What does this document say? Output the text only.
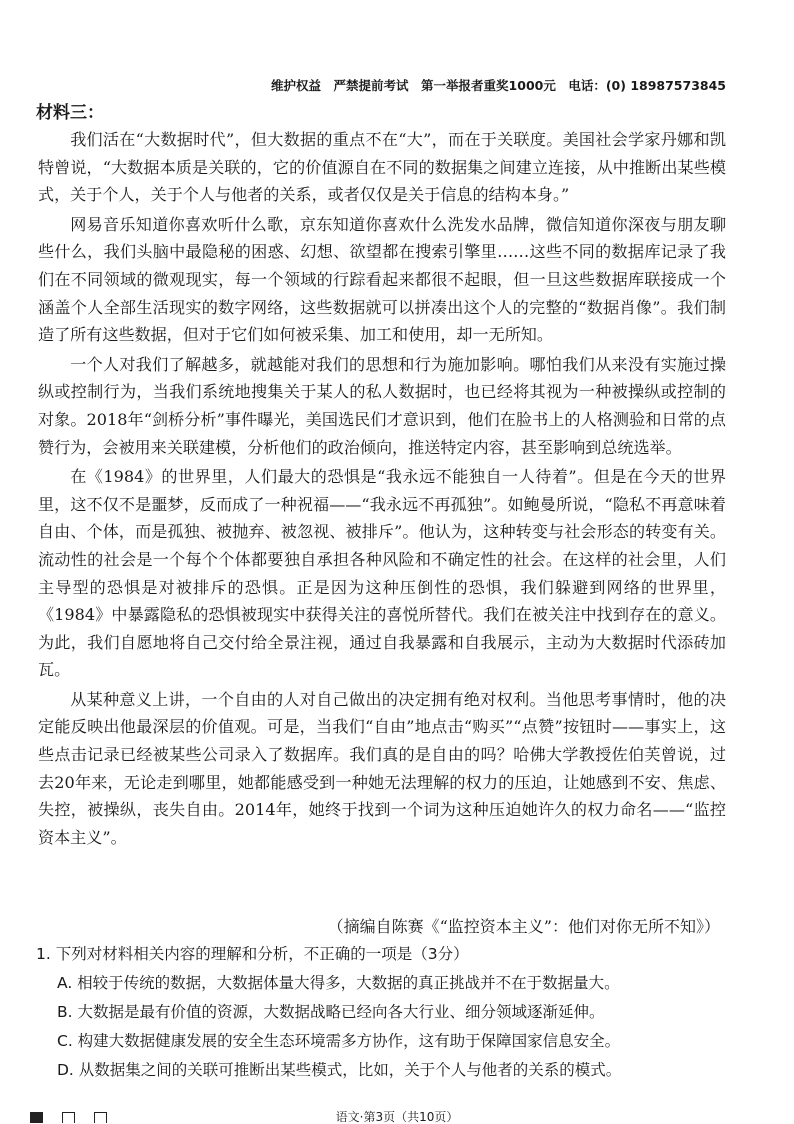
维护权益　严禁提前考试　第一举报者重奖1000元　电话：(0) 18987573845
材料三：

我们活在“大数据时代”，但大数据的重点不在“大”，而在于关联度。美国社会学家丹娜和凯特曾说，“大数据本质是关联的，它的价值源自在不同的数据集之间建立连接，从中推断出某些模式，关于个人，关于个人与他者的关系，或者仅仅是关于信息的结构本身。”

网易音乐知道你喜欢听什么歌，京东知道你喜欢什么洗发水品牌，微信知道你深夜与朋友聊些什么，我们头脑中最隐秘的困惑、幻想、欲望都在搜索引擎里……这些不同的数据库记录了我们在不同领域的微观现实，每一个领域的行踪看起来都很不起眼，但一旦这些数据库联接成一个涵盖个人全部生活现实的数字网络，这些数据就可以拼凑出这个人的完整的“数据肖像”。我们制造了所有这些数据，但对于它们如何被采集、加工和使用，却一无所知。

一个人对我们了解越多，就越能对我们的思想和行为施加影响。哪怕我们从来没有实施过操纵或控制行为，当我们系统地搜集关于某人的私人数据时，也已经将其视为一种被操纵或控制的对象。2018年“剑桥分析”事件曝光，美国选民们才意识到，他们在脸书上的人格测验和日常的点赞行为，会被用来关联建模，分析他们的政治倾向，推送特定内容，甚至影响到总统选举。

在《1984》的世界里，人们最大的恐惧是“我永远不能独自一人待着”。但是在今天的世界里，这不仅不是噩梦，反而成了一种祝福——“我永远不再孤独”。如鲍曼所说，“隐私不再意味着自由、个体，而是孤独、被抛弃、被忽视、被排斥”。他认为，这种转变与社会形态的转变有关。流动性的社会是一个每个个体都要独自承担各种风险和不确定性的社会。在这样的社会里，人们主导型的恐惧是对被排斥的恐惧。正是因为这种压倒性的恐惧，我们躲避到网络的世界里，《1984》中暴露隐私的恐惧被现实中获得关注的喜悦所替代。我们在被关注中找到存在的意义。为此，我们自愿地将自己交付给全景注视，通过自我暴露和自我展示，主动为大数据时代添砖加瓦。

从某种意义上讲，一个自由的人对自己做出的决定拥有绝对权利。当他思考事情时，他的决定能反映出他最深层的价值观。可是，当我们“自由”地点击“购买”“点赞”按钮时——事实上，这些点击记录已经被某些公司录入了数据库。我们真的是自由的吗？哈佛大学教授佐伯芙曾说，过去20年来，无论走到哪里，她都能感受到一种她无法理解的权力的压迫，让她感到不安、焦虑、失控，被操纵，丧失自由。2014年，她终于找到一个词为这种压迫她许久的权力命名——“监控资本主义”。

（摘编自陈赛《“监控资本主义”：他们对你无所不知》）
1. 下列对材料相关内容的理解和分析，不正确的一项是（3分）
A. 相较于传统的数据，大数据体量大得多，大数据的真正挑战并不在于数据量大。
B. 大数据是最有价值的资源，大数据战略已经向各大行业、细分领域逐渐延伸。
C. 构建大数据健康发展的安全生态环境需多方协作，这有助于保障国家信息安全。
D. 从数据集之间的关联可推断出某些模式，比如，关于个人与他者的关系的模式。
语文·第3页（共10页）
